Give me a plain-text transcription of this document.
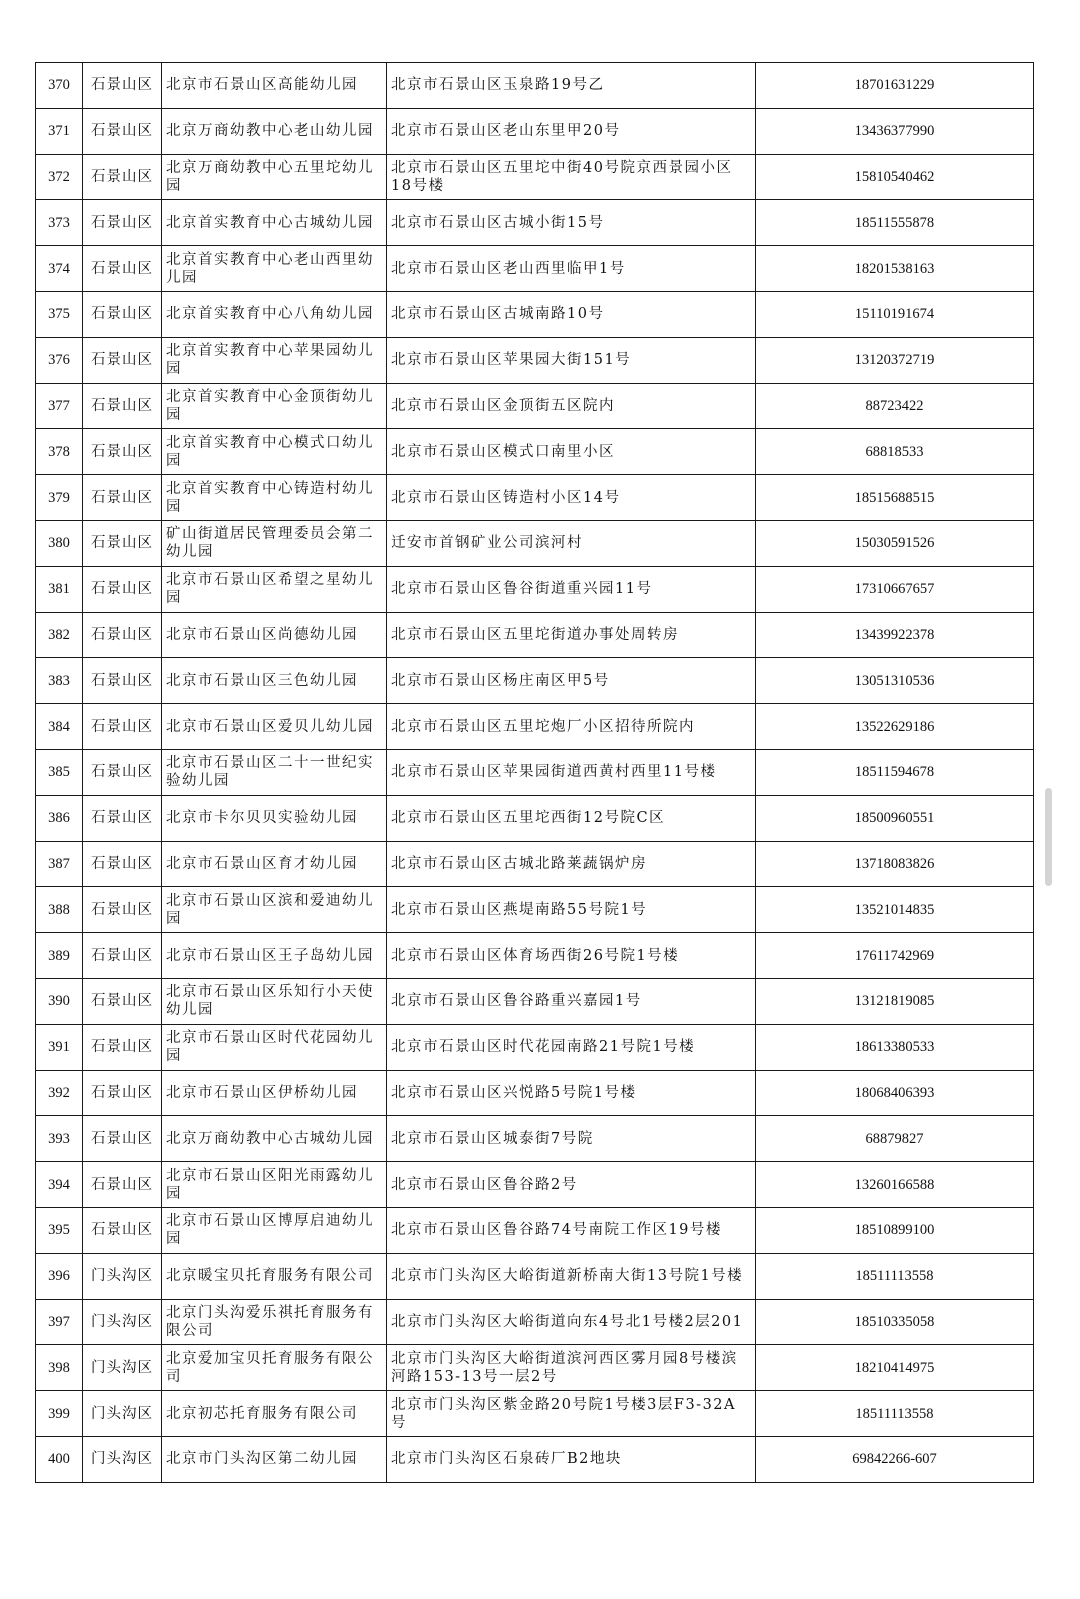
370	石景山区	北京市石景山区高能幼儿园	北京市石景山区玉泉路19号乙	18701631229
371	石景山区	北京万商幼教中心老山幼儿园	北京市石景山区老山东里甲20号	13436377990
372	石景山区	北京万商幼教中心五里坨幼儿园	北京市石景山区五里坨中街40号院京西景园小区18号楼	15810540462
373	石景山区	北京首实教育中心古城幼儿园	北京市石景山区古城小街15号	18511555878
374	石景山区	北京首实教育中心老山西里幼儿园	北京市石景山区老山西里临甲1号	18201538163
375	石景山区	北京首实教育中心八角幼儿园	北京市石景山区古城南路10号	15110191674
376	石景山区	北京首实教育中心苹果园幼儿园	北京市石景山区苹果园大街151号	13120372719
377	石景山区	北京首实教育中心金顶街幼儿园	北京市石景山区金顶街五区院内	88723422
378	石景山区	北京首实教育中心模式口幼儿园	北京市石景山区模式口南里小区	68818533
379	石景山区	北京首实教育中心铸造村幼儿园	北京市石景山区铸造村小区14号	18515688515
380	石景山区	矿山街道居民管理委员会第二幼儿园	迁安市首钢矿业公司滨河村	15030591526
381	石景山区	北京市石景山区希望之星幼儿园	北京市石景山区鲁谷街道重兴园11号	17310667657
382	石景山区	北京市石景山区尚德幼儿园	北京市石景山区五里坨街道办事处周转房	13439922378
383	石景山区	北京市石景山区三色幼儿园	北京市石景山区杨庄南区甲5号	13051310536
384	石景山区	北京市石景山区爱贝儿幼儿园	北京市石景山区五里坨炮厂小区招待所院内	13522629186
385	石景山区	北京市石景山区二十一世纪实验幼儿园	北京市石景山区苹果园街道西黄村西里11号楼	18511594678
386	石景山区	北京市卡尔贝贝实验幼儿园	北京市石景山区五里坨西街12号院C区	18500960551
387	石景山区	北京市石景山区育才幼儿园	北京市石景山区古城北路莱蔬锅炉房	13718083826
388	石景山区	北京市石景山区滨和爱迪幼儿园	北京市石景山区燕堤南路55号院1号	13521014835
389	石景山区	北京市石景山区王子岛幼儿园	北京市石景山区体育场西街26号院1号楼	17611742969
390	石景山区	北京市石景山区乐知行小天使幼儿园	北京市石景山区鲁谷路重兴嘉园1号	13121819085
391	石景山区	北京市石景山区时代花园幼儿园	北京市石景山区时代花园南路21号院1号楼	18613380533
392	石景山区	北京市石景山区伊桥幼儿园	北京市石景山区兴悦路5号院1号楼	18068406393
393	石景山区	北京万商幼教中心古城幼儿园	北京市石景山区城泰街7号院	68879827
394	石景山区	北京市石景山区阳光雨露幼儿园	北京市石景山区鲁谷路2号	13260166588
395	石景山区	北京市石景山区博厚启迪幼儿园	北京市石景山区鲁谷路74号南院工作区19号楼	18510899100
396	门头沟区	北京暖宝贝托育服务有限公司	北京市门头沟区大峪街道新桥南大街13号院1号楼	18511113558
397	门头沟区	北京门头沟爱乐祺托育服务有限公司	北京市门头沟区大峪街道向东4号北1号楼2层201	18510335058
398	门头沟区	北京爱加宝贝托育服务有限公司	北京市门头沟区大峪街道滨河西区雾月园8号楼滨河路153-13号一层2号	18210414975
399	门头沟区	北京初芯托育服务有限公司	北京市门头沟区紫金路20号院1号楼3层F3-32A号	18511113558
400	门头沟区	北京市门头沟区第二幼儿园	北京市门头沟区石泉砖厂B2地块	69842266-607
